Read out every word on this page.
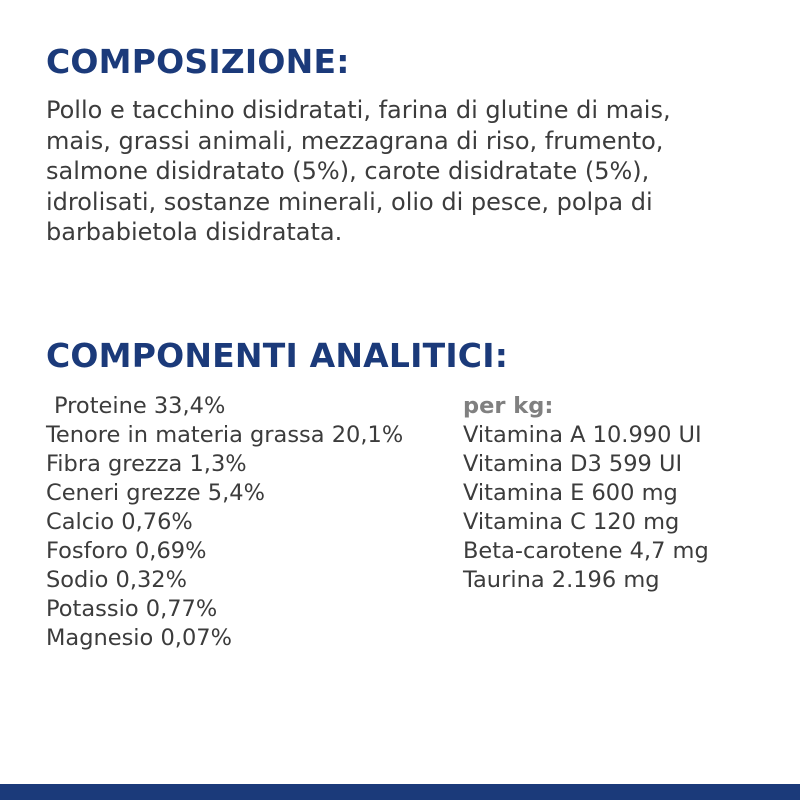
COMPOSIZIONE:

Pollo e tacchino disidratati, farina di glutine di mais,
mais, grassi animali, mezzagrana di riso, frumento,
salmone disidratato (5%), carote disidratate (5%),
idrolisati, sostanze minerali, olio di pesce, polpa di
barbabietola disidratata.

COMPONENTI ANALITICI:
Proteine 33,4%
Tenore in materia grassa 20,1%
Fibra grezza 1,3%
Ceneri grezze 5,4%
Calcio 0,76%
Fosforo 0,69%
Sodio 0,32%
Potassio 0,77%
Magnesio 0,07%
per kg:
Vitamina A 10.990 UI
Vitamina D3 599 UI
Vitamina E 600 mg
Vitamina C 120 mg
Beta-carotene 4,7 mg
Taurina 2.196 mg
